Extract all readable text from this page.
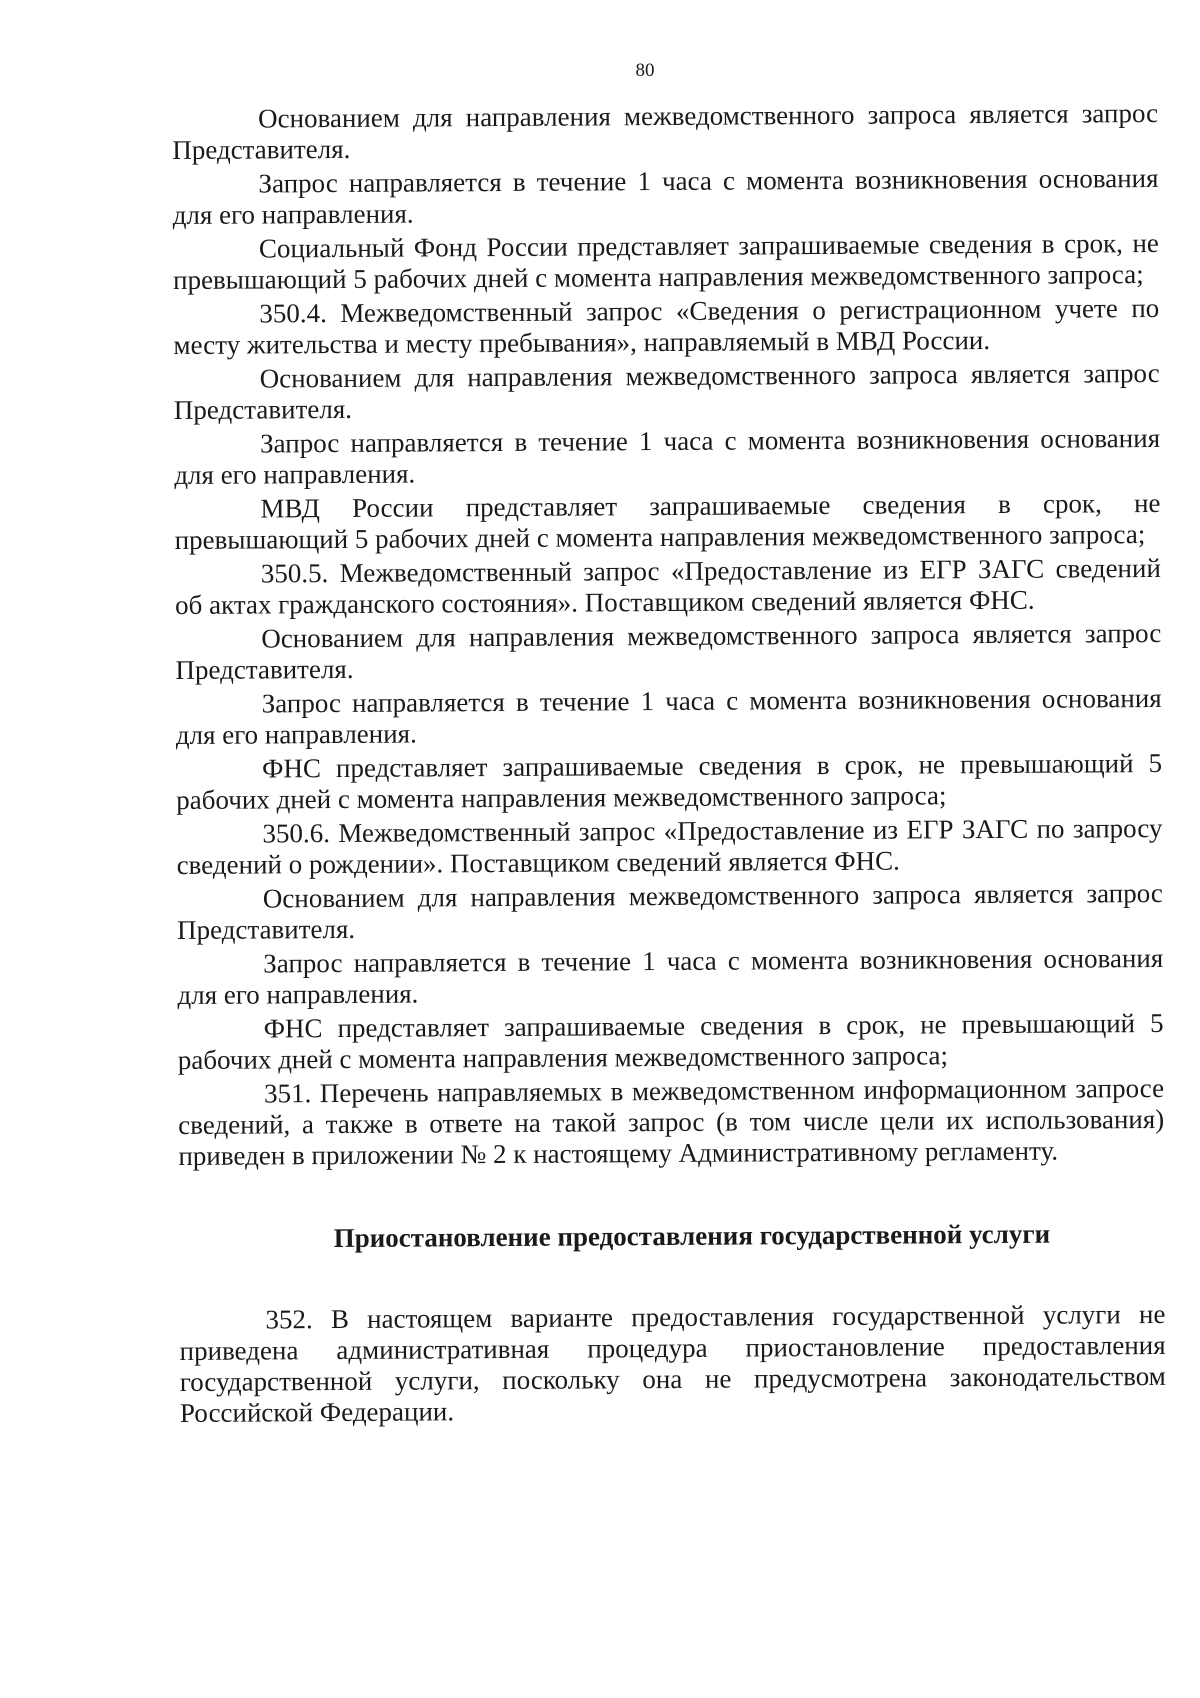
80

Основанием для направления межведомственного запроса является запрос Представителя.

Запрос направляется в течение 1 часа с момента возникновения основания для его направления.

Социальный Фонд России представляет запрашиваемые сведения в срок, не превышающий 5 рабочих дней с момента направления межведомственного запроса;

350.4. Межведомственный запрос «Сведения о регистрационном учете по месту жительства и месту пребывания», направляемый в МВД России.

Основанием для направления межведомственного запроса является запрос Представителя.

Запрос направляется в течение 1 часа с момента возникновения основания для его направления.

МВД России представляет запрашиваемые сведения в срок, не превышающий 5 рабочих дней с момента направления межведомственного запроса;

350.5. Межведомственный запрос «Предоставление из ЕГР ЗАГС сведений об актах гражданского состояния». Поставщиком сведений является ФНС.

Основанием для направления межведомственного запроса является запрос Представителя.

Запрос направляется в течение 1 часа с момента возникновения основания для его направления.

ФНС представляет запрашиваемые сведения в срок, не превышающий 5 рабочих дней с момента направления межведомственного запроса;

350.6. Межведомственный запрос «Предоставление из ЕГР ЗАГС по запросу сведений о рождении». Поставщиком сведений является ФНС.

Основанием для направления межведомственного запроса является запрос Представителя.

Запрос направляется в течение 1 часа с момента возникновения основания для его направления.

ФНС представляет запрашиваемые сведения в срок, не превышающий 5 рабочих дней с момента направления межведомственного запроса;

351. Перечень направляемых в межведомственном информационном запросе сведений, а также в ответе на такой запрос (в том числе цели их использования) приведен в приложении № 2 к настоящему Административному регламенту.

Приостановление предоставления государственной услуги

352. В настоящем варианте предоставления государственной услуги не приведена административная процедура приостановление предоставления государственной услуги, поскольку она не предусмотрена законодательством Российской Федерации.
